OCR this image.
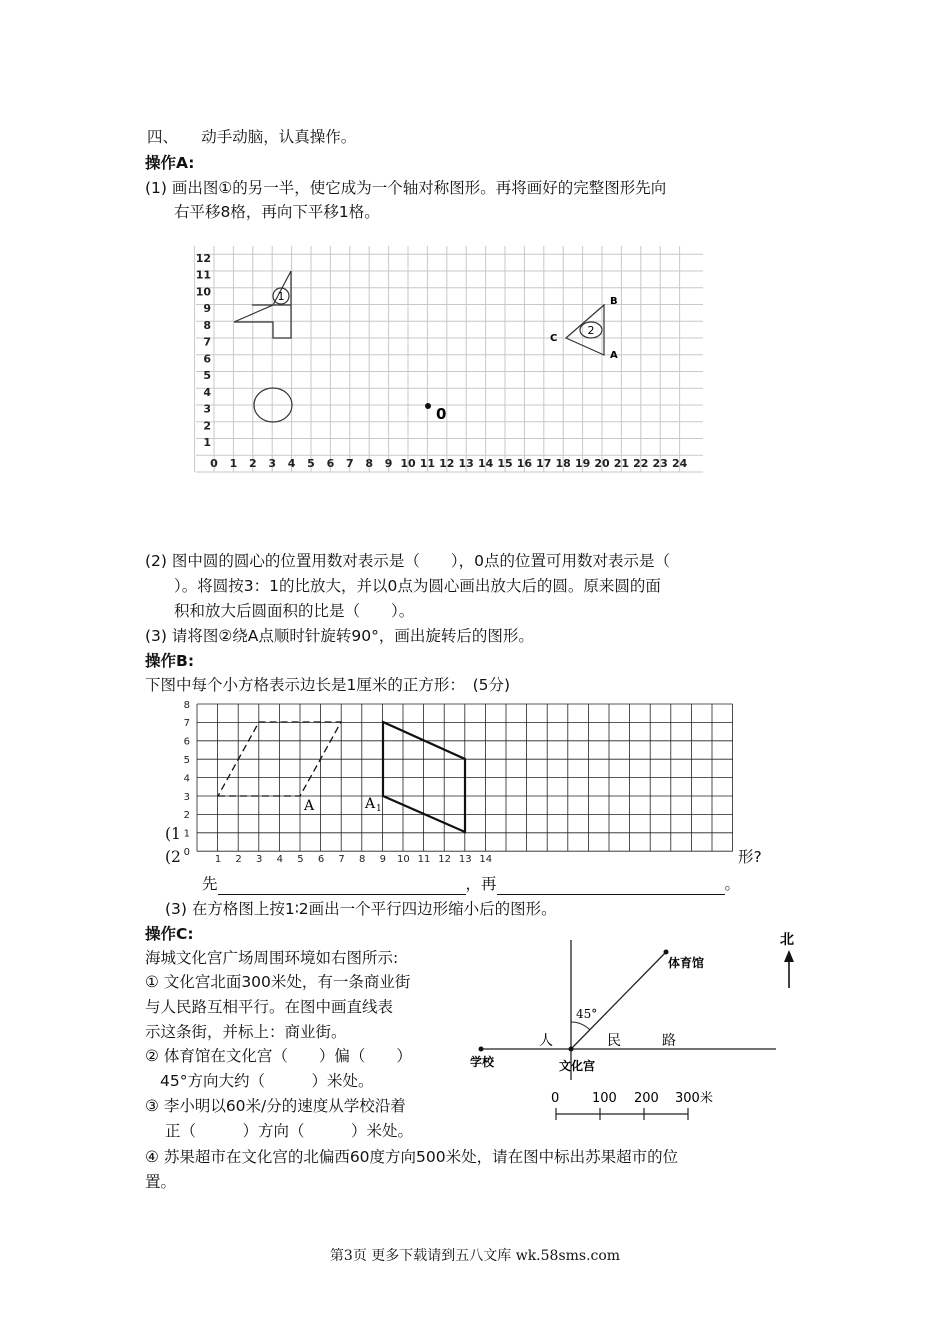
四、　　动手动脑，认真操作。
操作A:
(1) 画出图①的另一半，使它成为一个轴对称图形。再将画好的完整图形先向
右平移8格，再向下平移1格。
1
2
B
A
C
0
0 1 2 3 4 5 6 7 8 9 10 11 12 13 14 15 16 17 18 19 20 21 22 23 24
1
2
3
4
5
6
7
8
9
10
11
12
(2) 图中圆的圆心的位置用数对表示是（　　），0点的位置可用数对表示是（
）。将圆按3：1的比放大，并以0点为圆心画出放大后的圆。原来圆的面
积和放大后圆面积的比是（　　）。
(3) 请将图②绕A点顺时针旋转90°，画出旋转后的图形。
操作B:
下图中每个小方格表示边长是1厘米的正方形：　(5分)
1 2 3 4 5 6 7 8 9 10 11 12 13 14
0
1
2
3
4
5
6
7
8
A	A 1
(1
(2	形?
先	，再	。
(3) 在方格图上按1∶2画出一个平行四边形缩小后的图形。
操作C:
海城文化宫广场周围环境如右图所示:
① 文化宫北面300米处，有一条商业街
与人民路互相平行。在图中画直线表
示这条街，并标上：商业街。
② 体育馆在文化宫（　　）偏（　　）
45°方向大约（　　　）米处。
③ 李小明以60米/分的速度从学校沿着
正（　　　）方向（　　　）米处。
体育馆
45°
人	民	路
学校	文化宫
北
0	100 200 300米
④ 苏果超市在文化宫的北偏西60度方向500米处，请在图中标出苏果超市的位
置。
第3页 更多下载请到五八文库 wk.58sms.com
